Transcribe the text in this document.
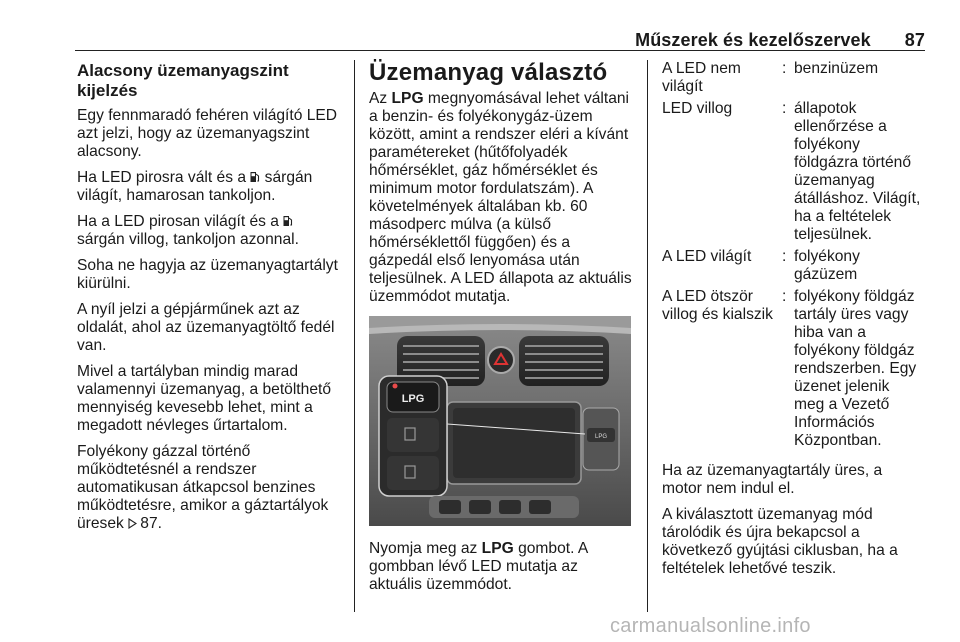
Műszerek és kezelőszervek 87
Alacsony üzemanyagszint kijelzés

Egy fennmaradó fehéren világító LED azt jelzi, hogy az üzemanyagszint alacsony.

Ha LED pirosra vált és a  sárgán világít, hamarosan tankoljon.

Ha a LED pirosan világít és a  sárgán villog, tankoljon azonnal.

Soha ne hagyja az üzemanyagtartályt kiürülni.

A nyíl jelzi a gépjárműnek azt az oldalát, ahol az üzemanyagtöltő fedél van.

Mivel a tartályban mindig marad valamennyi üzemanyag, a betölthető mennyiség kevesebb lehet, mint a megadott névleges űrtartalom.

Folyékony gázzal történő működtetésnél a rendszer automatikusan átkapcsol benzines működtetésre, amikor a gáztartályok üresek  87.

Üzemanyag választó

Az LPG megnyomásával lehet váltani a benzin- és folyékonygáz-üzem között, amint a rendszer eléri a kívánt paramétereket (hűtőfolyadék hőmérséklet, gáz hőmérséklet és minimum motor fordulatszám). A követelmények általában kb. 60 másodperc múlva (a külső hőmérséklettől függően) és a gázpedál első lenyomása után teljesülnek. A LED állapota az aktuális üzemmódot mutatja.

LPG
LPG

Nyomja meg az LPG gombot. A gombban lévő LED mutatja az aktuális üzemmódot.

A LED nem világít	:	benzinüzem
LED villog	:	állapotok ellenőrzése a folyékony földgázra történő üzemanyag átálláshoz. Világít, ha a feltételek teljesülnek.
A LED világít	:	folyékony gázüzem
A LED ötször villog és kialszik	:	folyékony földgáz tartály üres vagy hiba van a folyékony földgáz rendszerben. Egy üzenet jelenik meg a Vezető Információs Központban.

Ha az üzemanyagtartály üres, a motor nem indul el.

A kiválasztott üzemanyag mód tárolódik és újra bekapcsol a következő gyújtási ciklusban, ha a feltételek lehetővé teszik.

carmanualsonline.info
